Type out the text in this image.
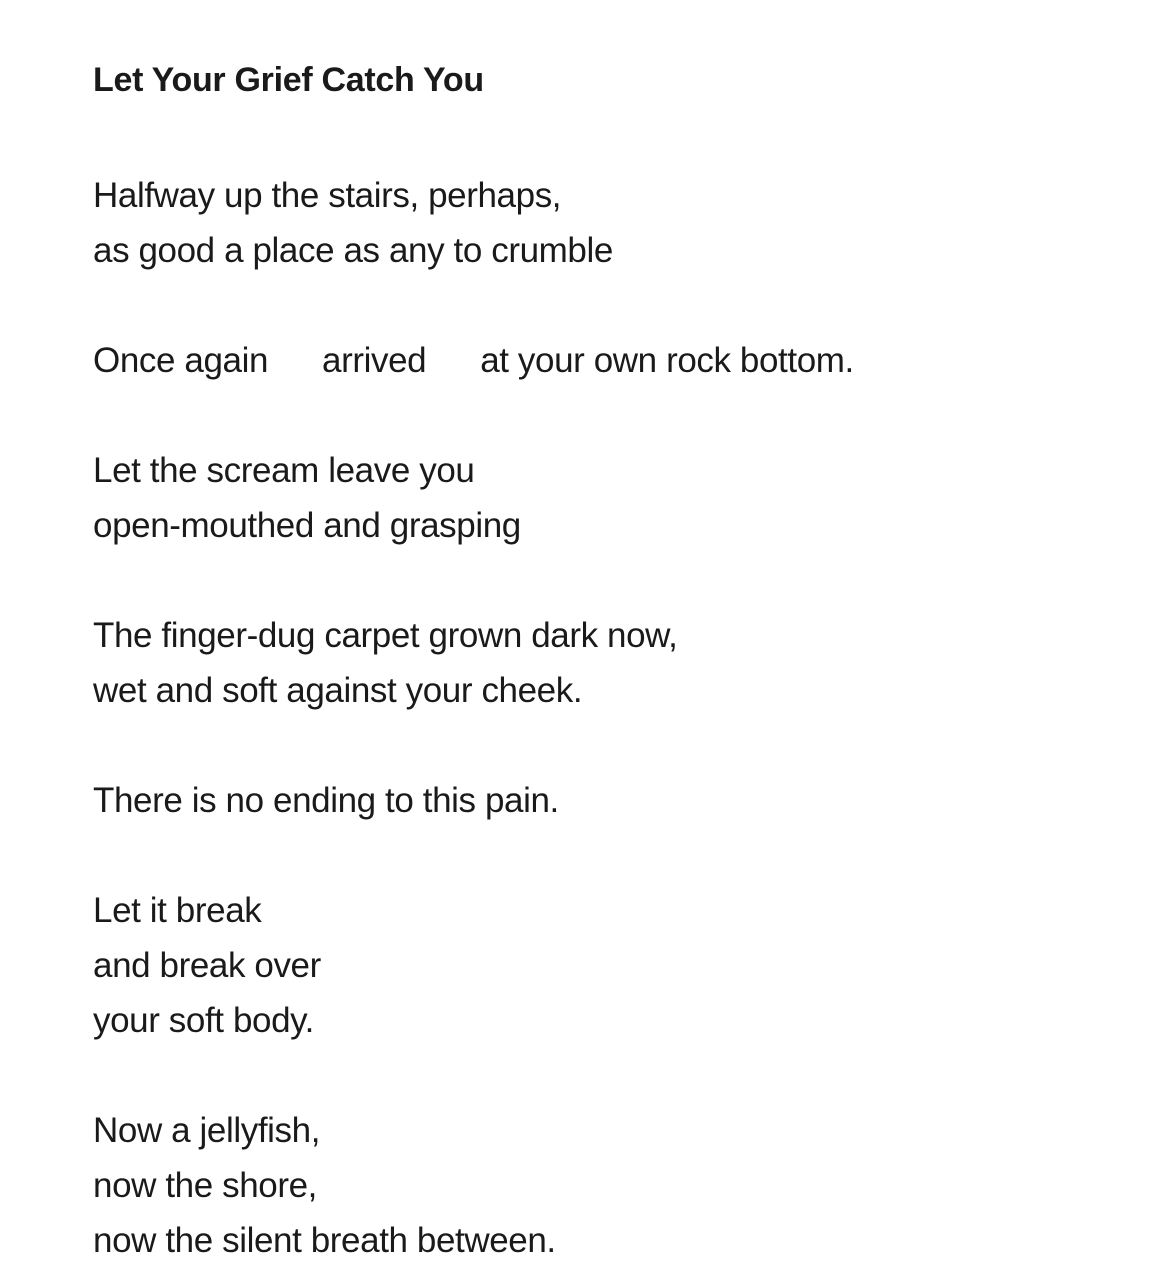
Let Your Grief Catch You
Halfway up the stairs, perhaps,
as good a place as any to crumble
Once again arrived at your own rock bottom.
Let the scream leave you
open-mouthed and grasping
The finger-dug carpet grown dark now,
wet and soft against your cheek.
There is no ending to this pain.
Let it break
and break over
your soft body.
Now a jellyfish,
now the shore,
now the silent breath between.
